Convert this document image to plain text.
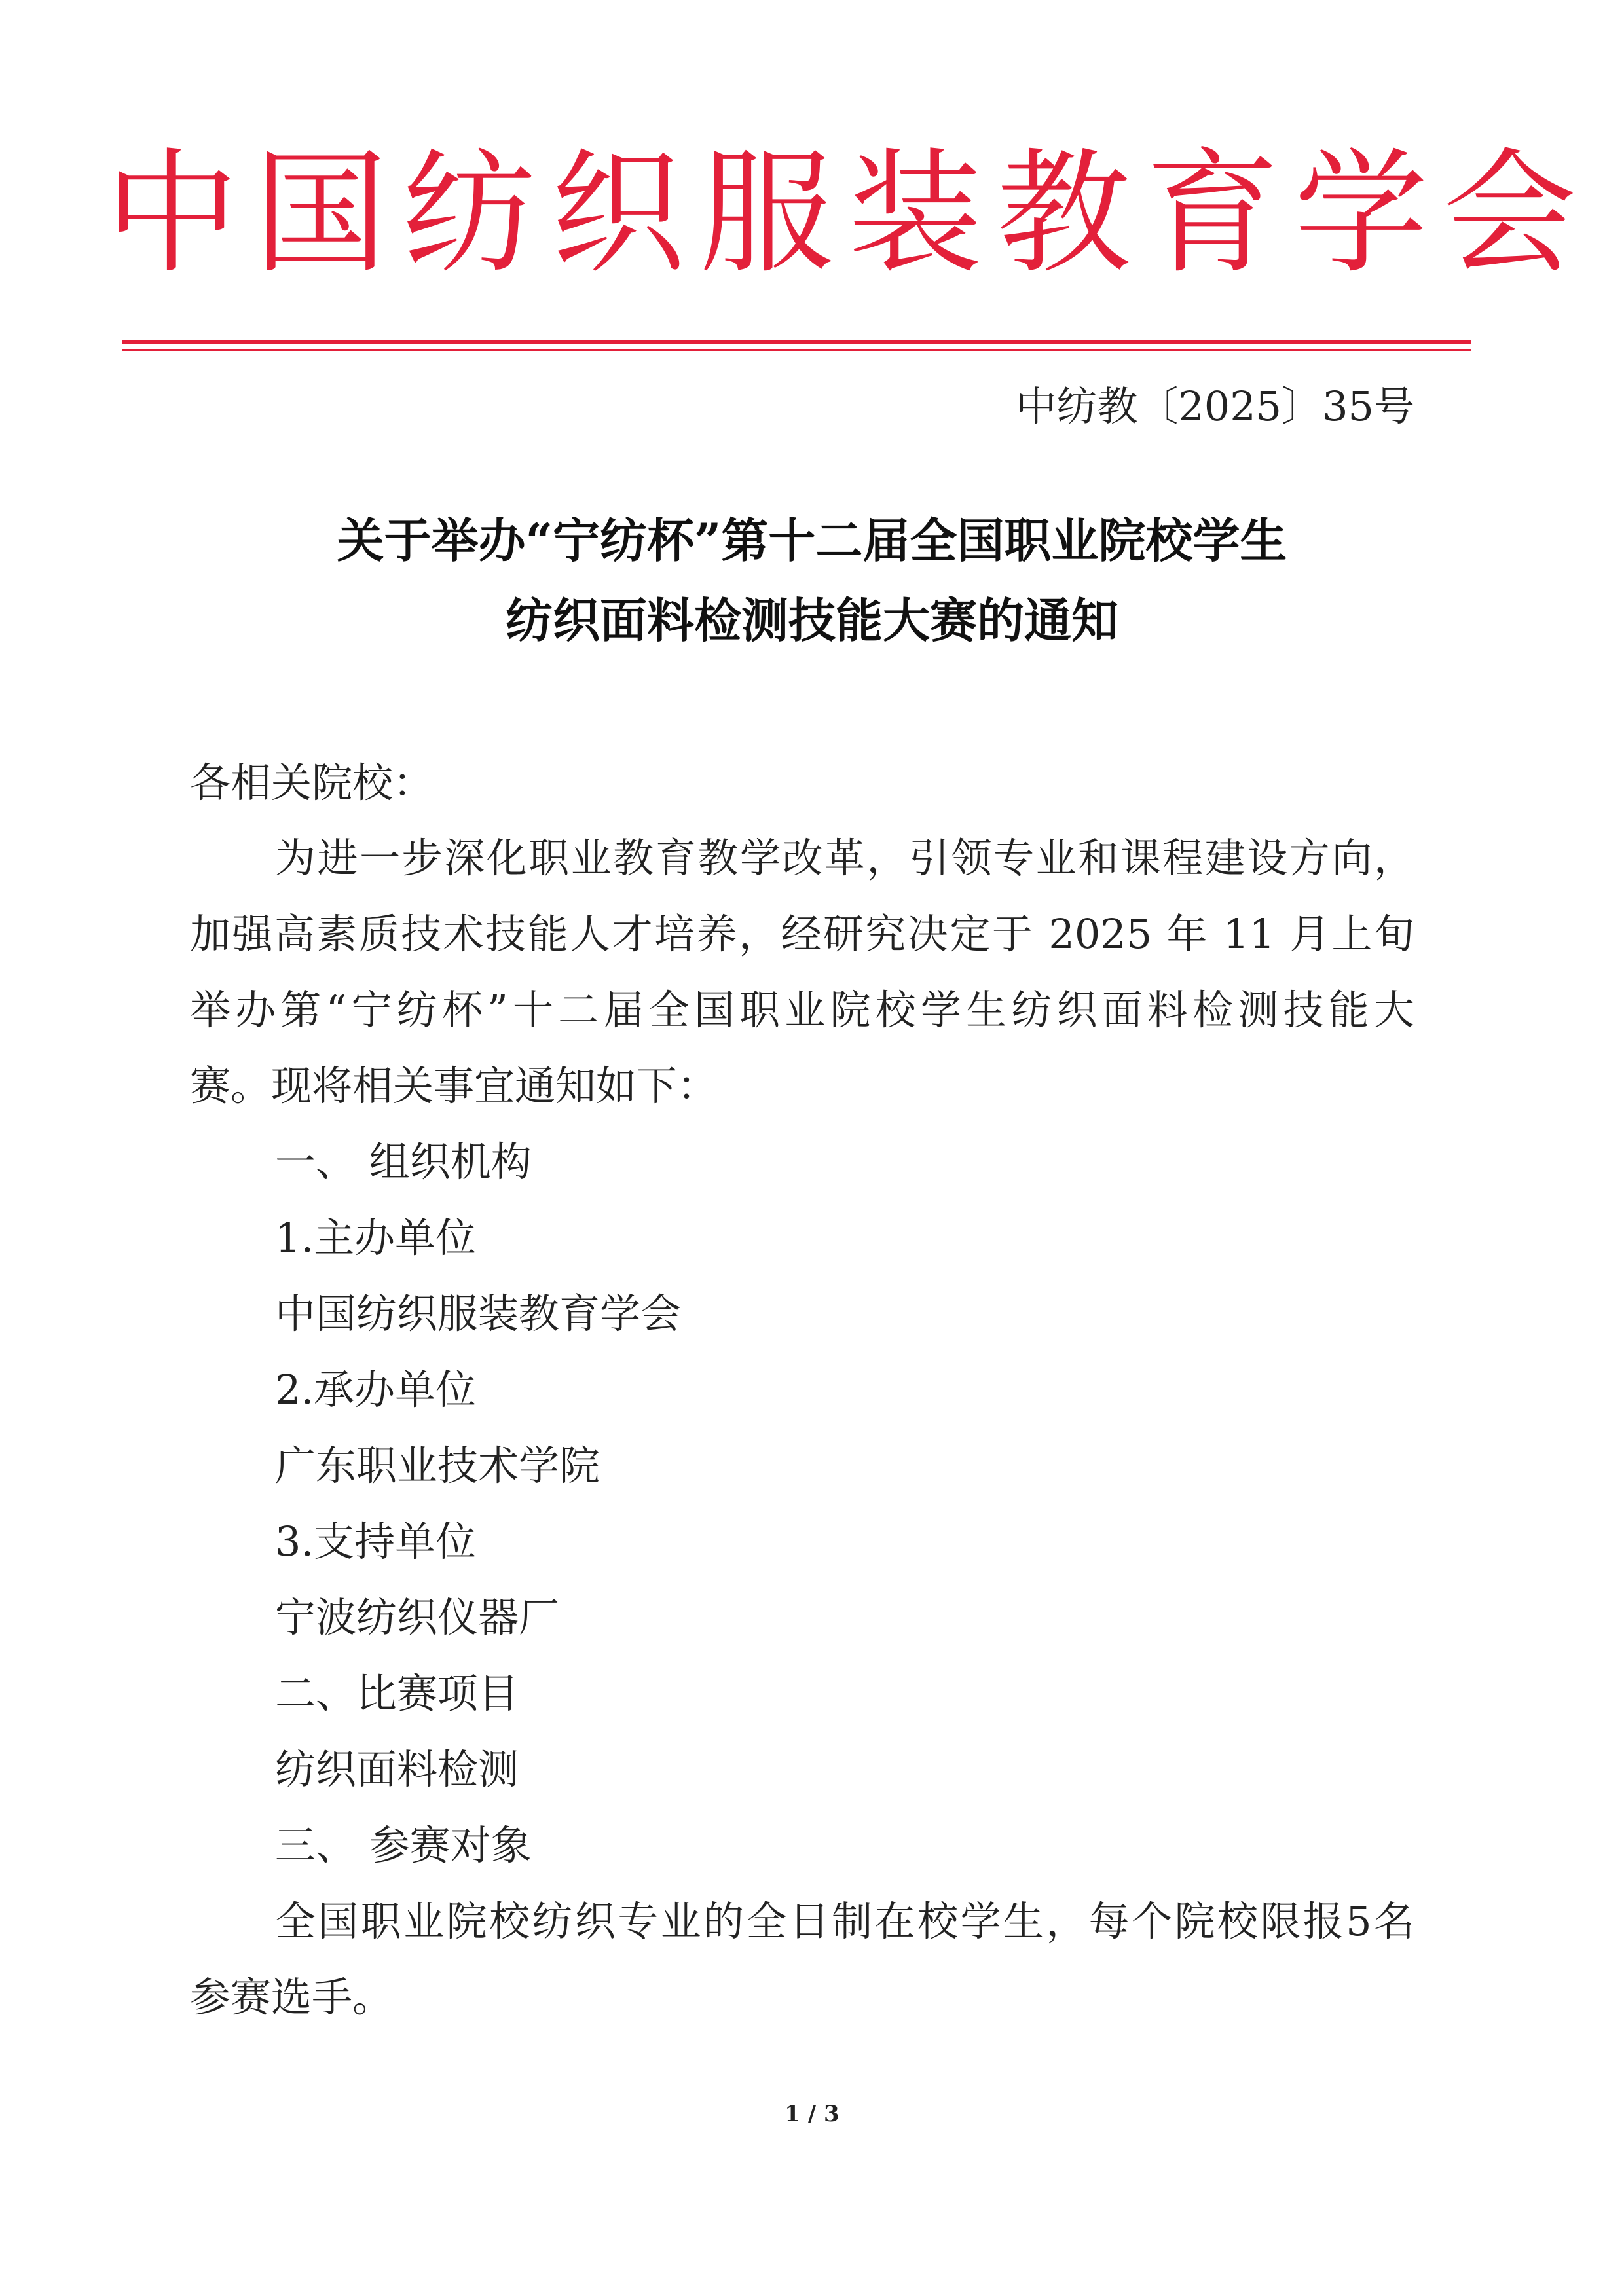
中国纺织服装教育学会
中纺教〔2025〕35号
关于举办“宁纺杯”第十二届全国职业院校学生
纺织面料检测技能大赛的通知
各相关院校：
为进一步深化职业教育教学改革，引领专业和课程建设方向，
加强高素质技术技能人才培养，经研究决定于 2025 年 11 月上旬
举办第“宁纺杯”十二届全国职业院校学生纺织面料检测技能大
赛。现将相关事宜通知如下：
一、 组织机构
1.主办单位
中国纺织服装教育学会
2.承办单位
广东职业技术学院
3.支持单位
宁波纺织仪器厂
二、比赛项目
纺织面料检测
三、 参赛对象
全国职业院校纺织专业的全日制在校学生，每个院校限报5名
参赛选手。
1 / 3
